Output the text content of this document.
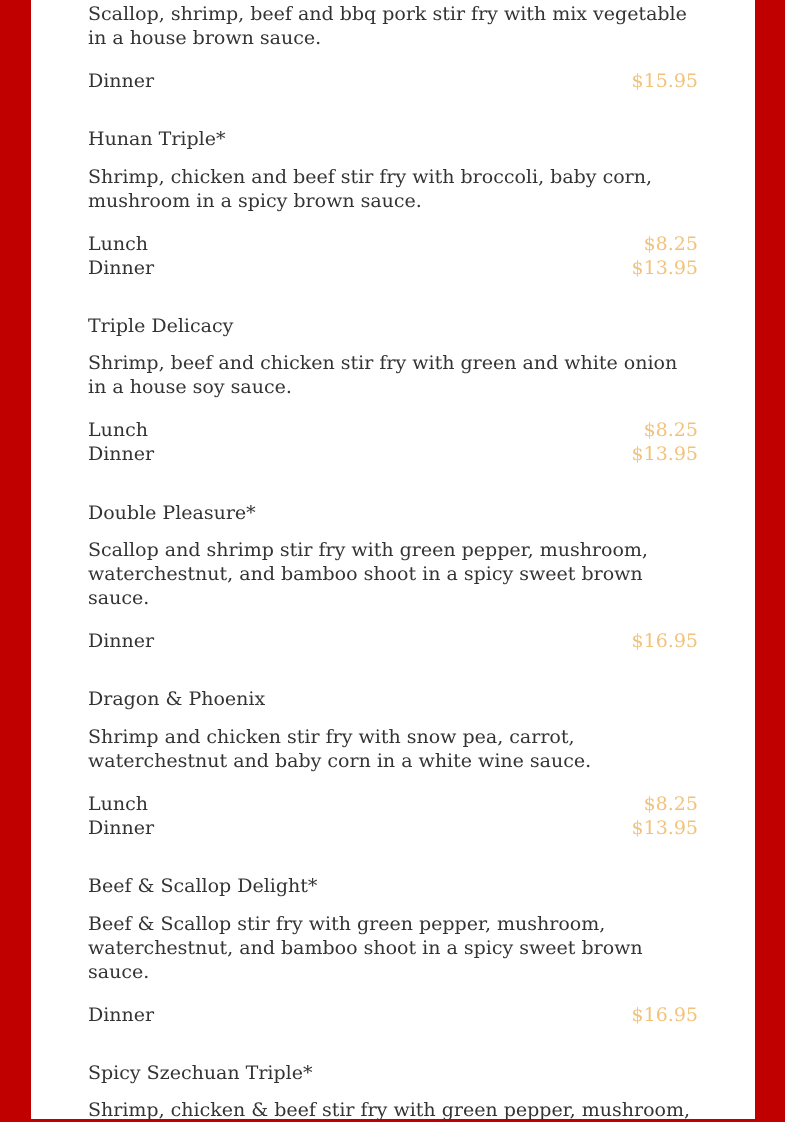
Scallop, shrimp, beef and bbq pork stir fry with mix vegetable in a house brown sauce.

Dinner	$15.95

Hunan Triple*

Shrimp, chicken and beef stir fry with broccoli, baby corn, mushroom in a spicy brown sauce.

Lunch	$8.25
Dinner	$13.95

Triple Delicacy

Shrimp, beef and chicken stir fry with green and white onion in a house soy sauce.

Lunch	$8.25
Dinner	$13.95

Double Pleasure*

Scallop and shrimp stir fry with green pepper, mushroom, waterchestnut, and bamboo shoot in a spicy sweet brown sauce.

Dinner	$16.95

Dragon & Phoenix

Shrimp and chicken stir fry with snow pea, carrot, waterchestnut and baby corn in a white wine sauce.

Lunch	$8.25
Dinner	$13.95

Beef & Scallop Delight*

Beef & Scallop stir fry with green pepper, mushroom, waterchestnut, and bamboo shoot in a spicy sweet brown sauce.

Dinner	$16.95

Spicy Szechuan Triple*

Shrimp, chicken & beef stir fry with green pepper, mushroom,
